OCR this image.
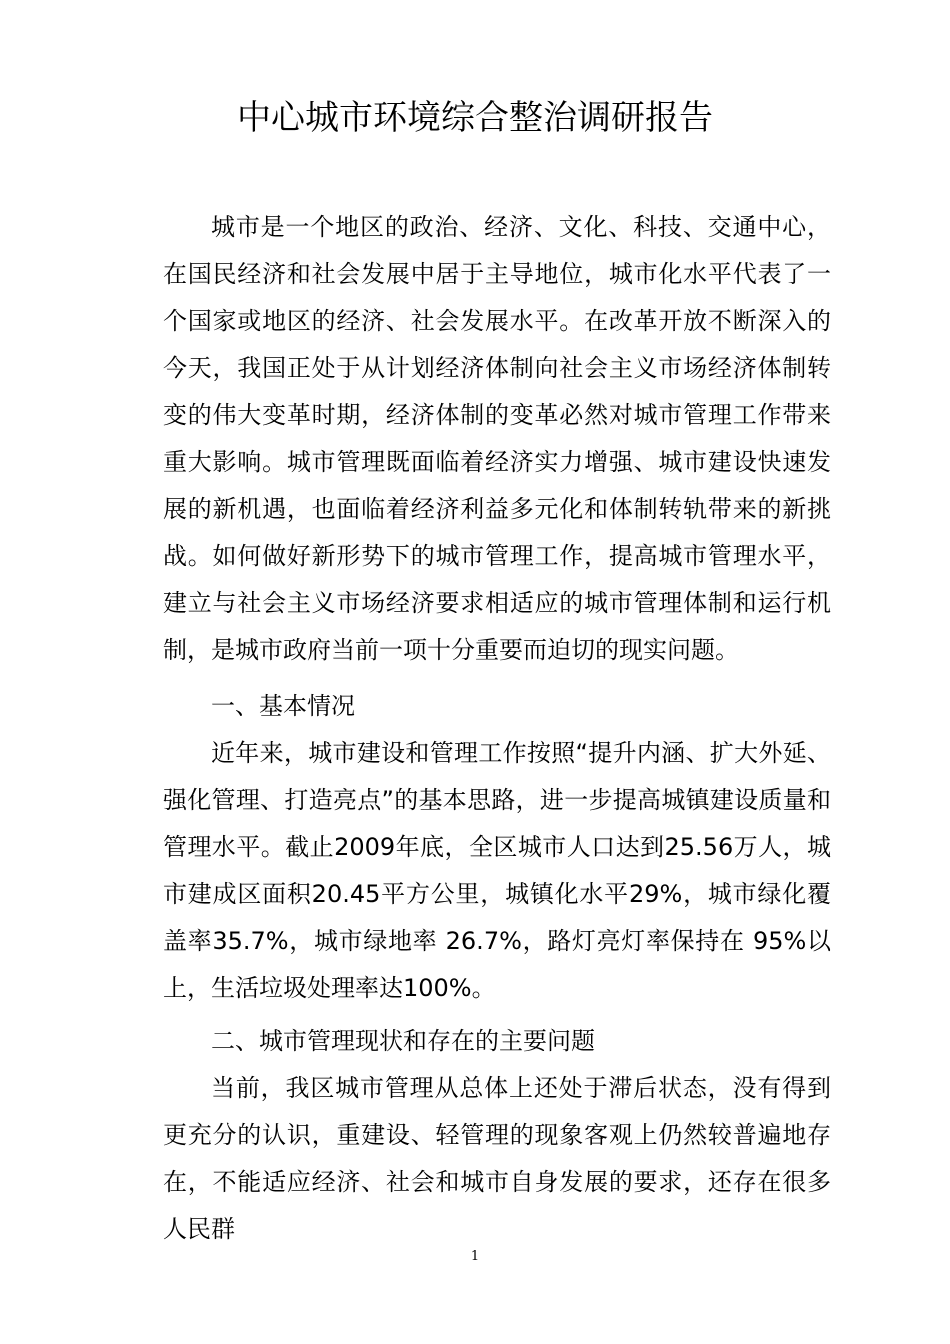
中心城市环境综合整治调研报告

城市是一个地区的政治、经济、文化、科技、交通中心，在国民经济和社会发展中居于主导地位，城市化水平代表了一个国家或地区的经济、社会发展水平。在改革开放不断深入的今天，我国正处于从计划经济体制向社会主义市场经济体制转变的伟大变革时期，经济体制的变革必然对城市管理工作带来重大影响。城市管理既面临着经济实力增强、城市建设快速发展的新机遇，也面临着经济利益多元化和体制转轨带来的新挑战。如何做好新形势下的城市管理工作，提高城市管理水平，建立与社会主义市场经济要求相适应的城市管理体制和运行机制，是城市政府当前一项十分重要而迫切的现实问题。

一、基本情况

近年来，城市建设和管理工作按照“提升内涵、扩大外延、强化管理、打造亮点”的基本思路，进一步提高城镇建设质量和管理水平。截止2009年底，全区城市人口达到25.56万人，城市建成区面积20.45平方公里，城镇化水平29%，城市绿化覆盖率35.7%，城市绿地率 26.7%，路灯亮灯率保持在 95%以上，生活垃圾处理率达100%。

二、城市管理现状和存在的主要问题

当前，我区城市管理从总体上还处于滞后状态，没有得到更充分的认识，重建设、轻管理的现象客观上仍然较普遍地存在，不能适应经济、社会和城市自身发展的要求，还存在很多人民群

1
